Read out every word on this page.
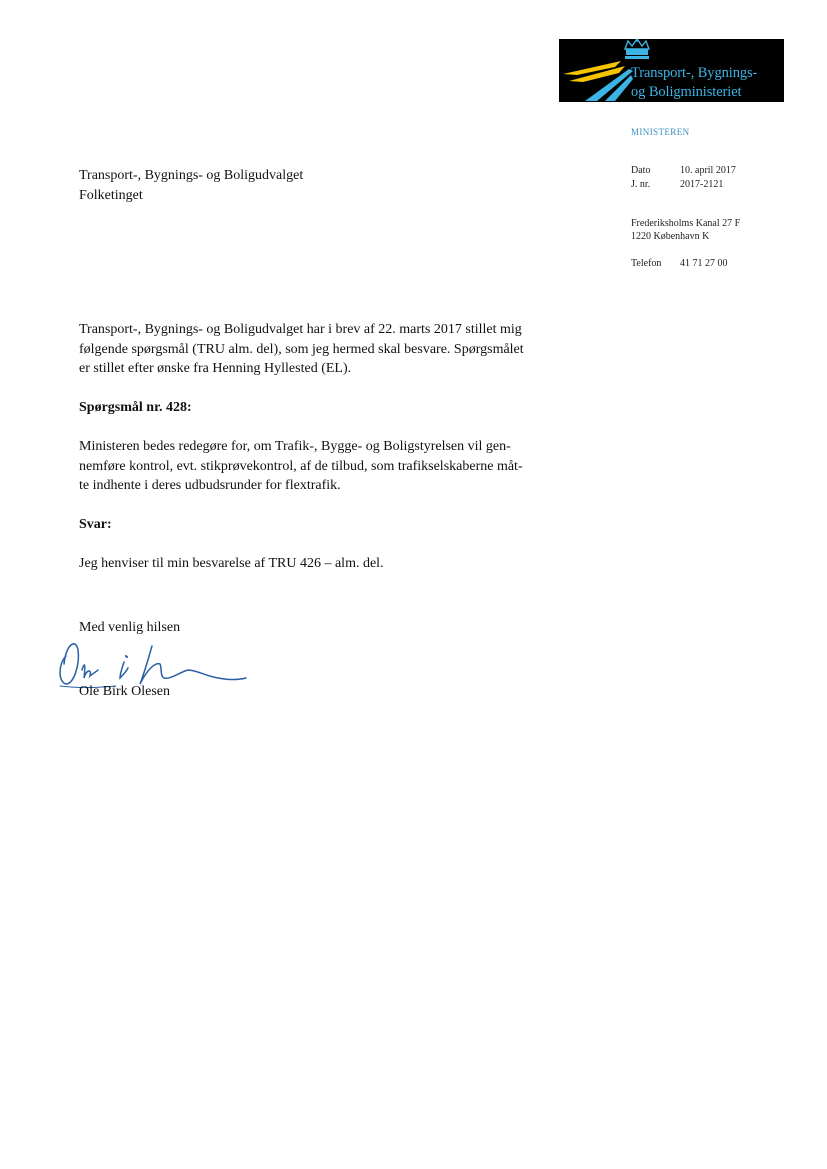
Transport-, Bygnings-
og Boligministeriet
MINISTEREN
Dato	10. april 2017
J. nr.	2017-2121
Frederiksholms Kanal 27 F
1220 København K
Telefon 41 71 27 00
Transport-, Bygnings- og Boligudvalget
Folketinget
Transport-, Bygnings- og Boligudvalget har i brev af 22. marts 2017 stillet mig
følgende spørgsmål (TRU alm. del), som jeg hermed skal besvare. Spørgsmålet
er stillet efter ønske fra Henning Hyllested (EL).
Spørgsmål nr. 428:
Ministeren bedes redegøre for, om Trafik-, Bygge- og Boligstyrelsen vil gen-
nemføre kontrol, evt. stikprøvekontrol, af de tilbud, som trafikselskaberne måt-
te indhente i deres udbudsrunder for flextrafik.
Svar:
Jeg henviser til min besvarelse af TRU 426 – alm. del.
Med venlig hilsen
Ole Birk Olesen
